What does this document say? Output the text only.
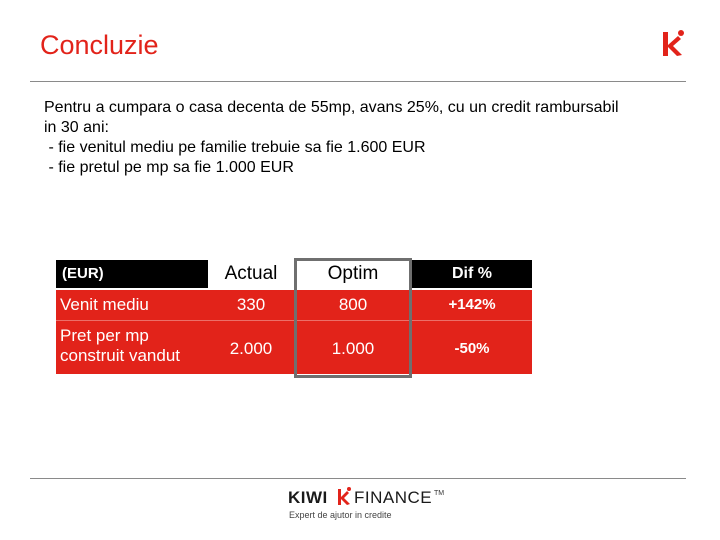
Concluzie
Pentru a cumpara o casa decenta de 55mp, avans 25%, cu un credit rambursabil
in 30 ani:
- fie venitul mediu pe familie trebuie sa fie 1.600 EUR
- fie pretul pe mp sa fie 1.000 EUR
(EUR)	Actual	Optim	Dif %
Venit mediu	330	800	+142%
Pret per mp
construit vandut	2.000	1.000	-50%
KIWI FINANCE TM
Expert de ajutor in credite
